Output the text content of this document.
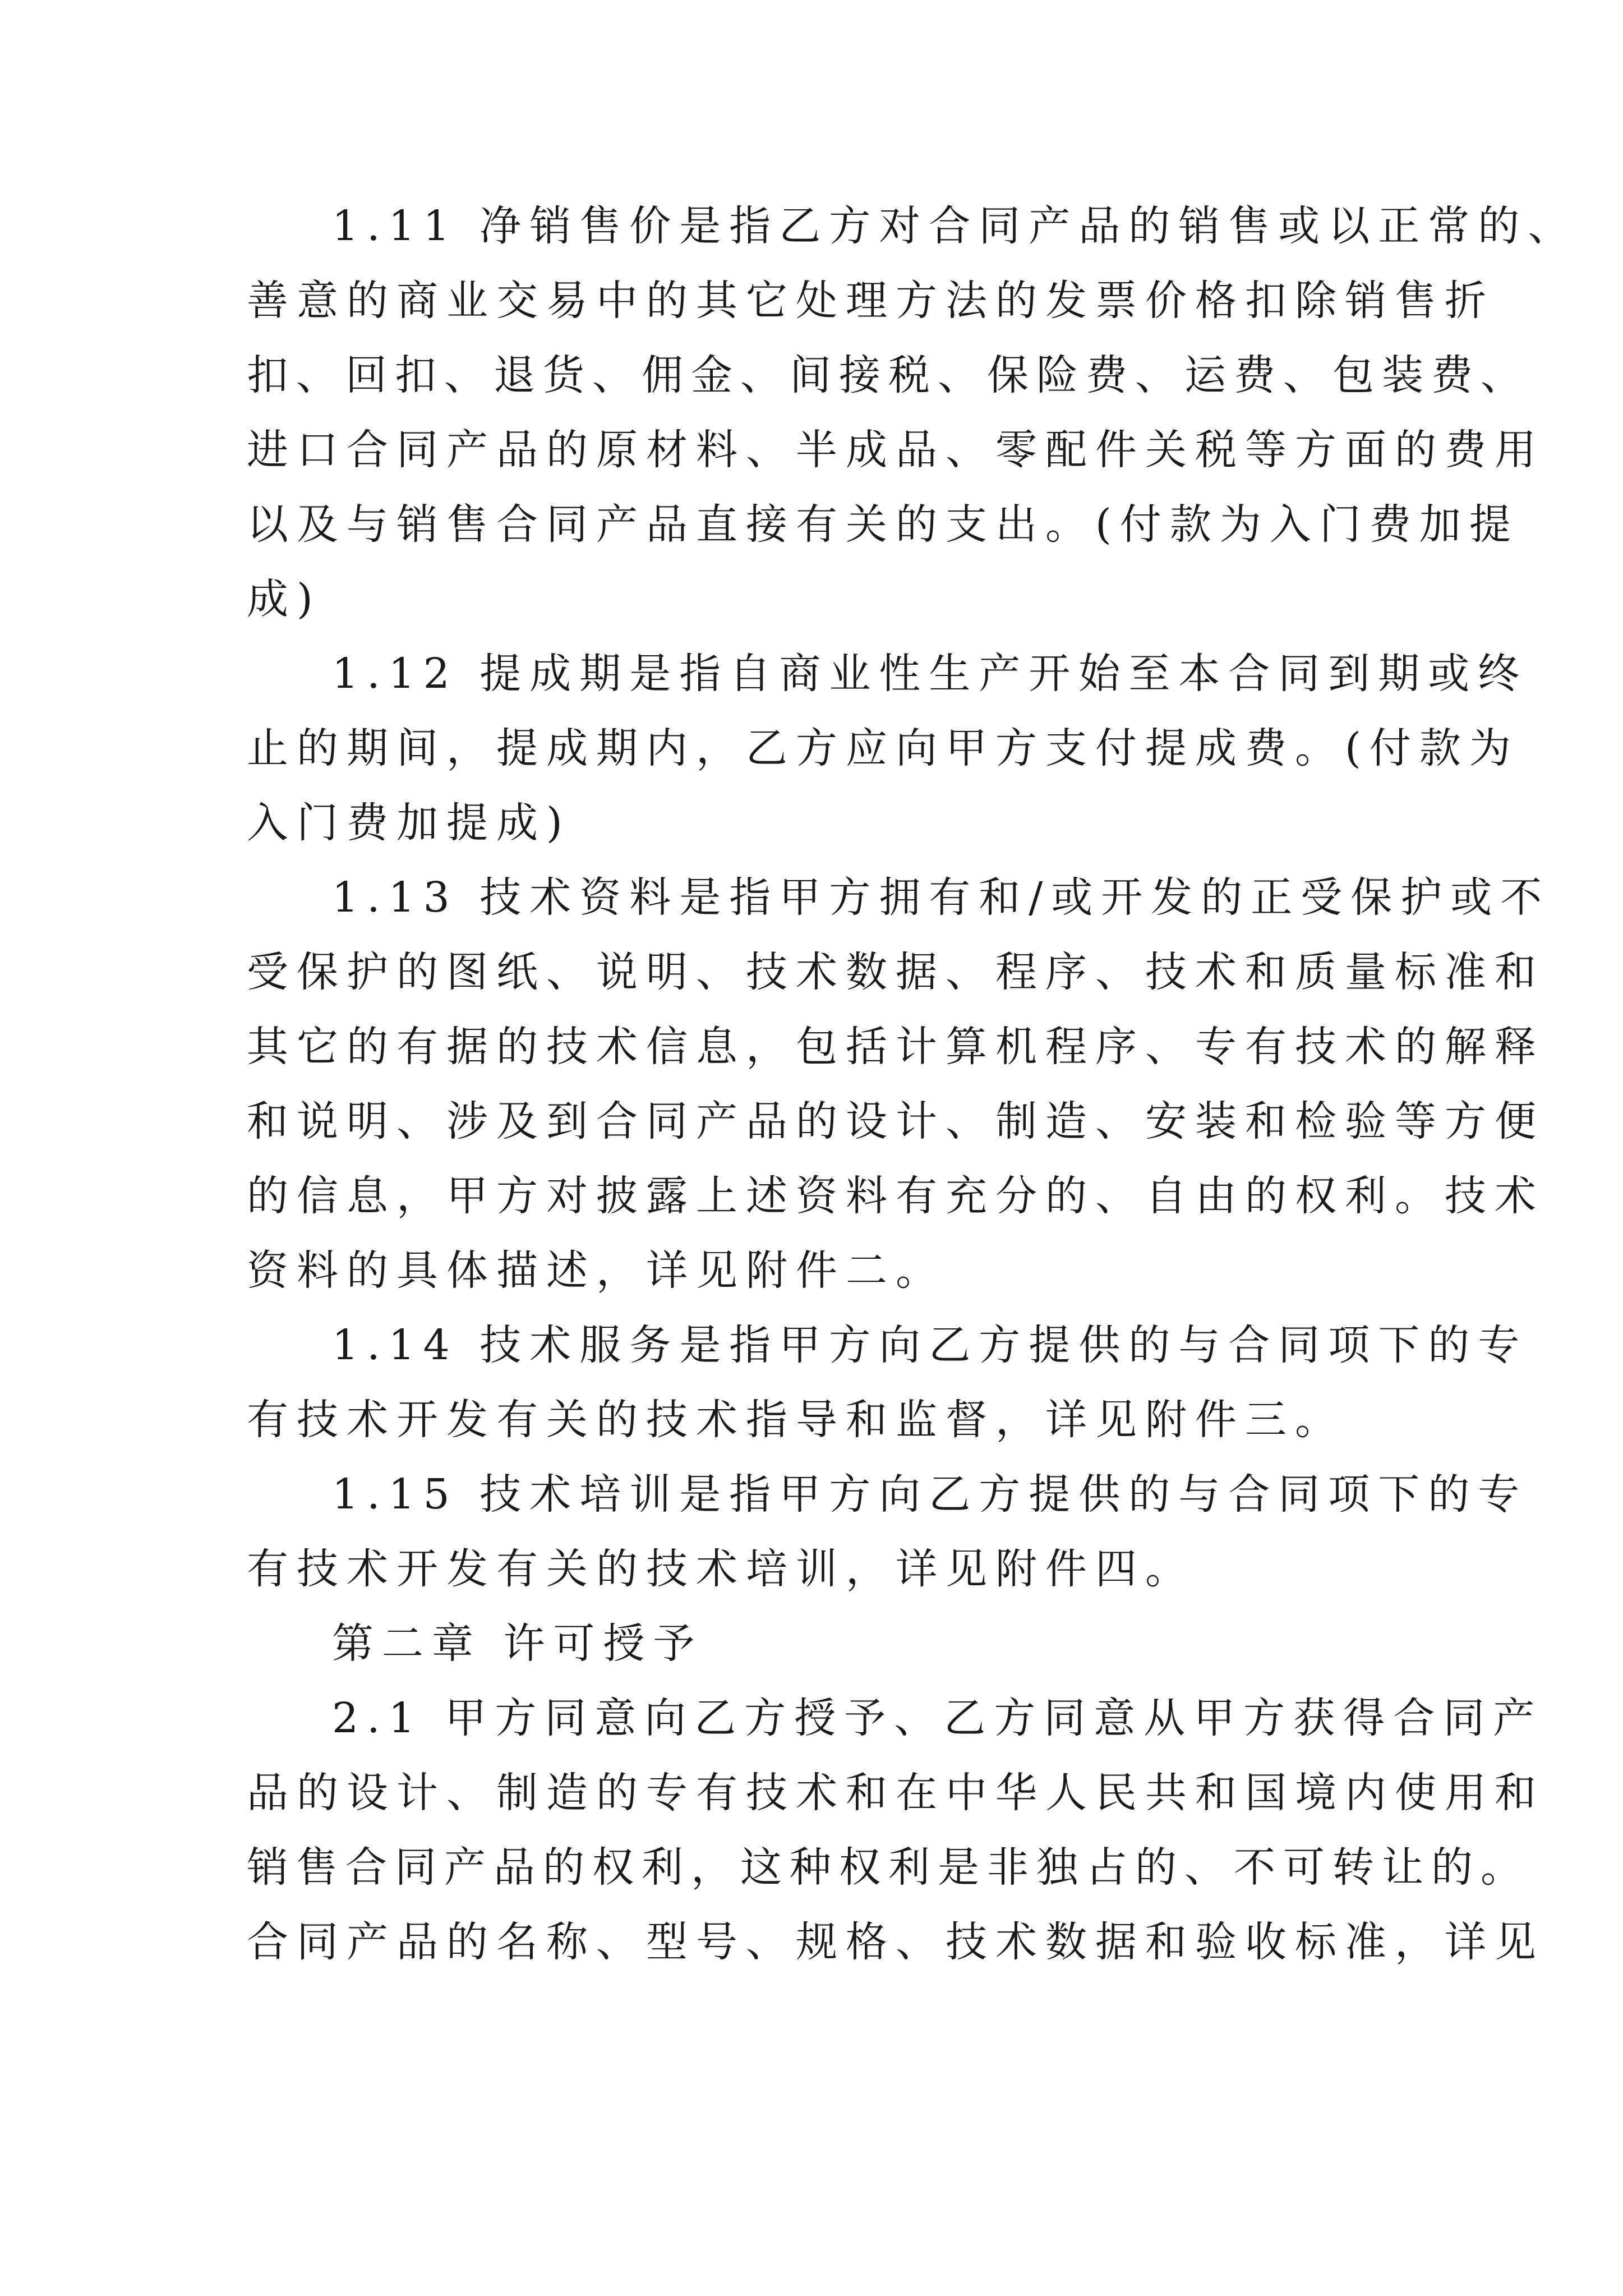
1.11 净销售价是指乙方对合同产品的销售或以正常的、
善意的商业交易中的其它处理方法的发票价格扣除销售折
扣、回扣、退货、佣金、间接税、保险费、运费、包装费、
进口合同产品的原材料、半成品、零配件关税等方面的费用
以及与销售合同产品直接有关的支出。(付款为入门费加提
成)
1.12 提成期是指自商业性生产开始至本合同到期或终
止的期间，提成期内，乙方应向甲方支付提成费。(付款为
入门费加提成)
1.13 技术资料是指甲方拥有和/或开发的正受保护或不
受保护的图纸、说明、技术数据、程序、技术和质量标准和
其它的有据的技术信息，包括计算机程序、专有技术的解释
和说明、涉及到合同产品的设计、制造、安装和检验等方便
的信息，甲方对披露上述资料有充分的、自由的权利。技术
资料的具体描述，详见附件二。
1.14 技术服务是指甲方向乙方提供的与合同项下的专
有技术开发有关的技术指导和监督，详见附件三。
1.15 技术培训是指甲方向乙方提供的与合同项下的专
有技术开发有关的技术培训，详见附件四。
第二章 许可授予
2.1 甲方同意向乙方授予、乙方同意从甲方获得合同产
品的设计、制造的专有技术和在中华人民共和国境内使用和
销售合同产品的权利，这种权利是非独占的、不可转让的。
合同产品的名称、型号、规格、技术数据和验收标准，详见
